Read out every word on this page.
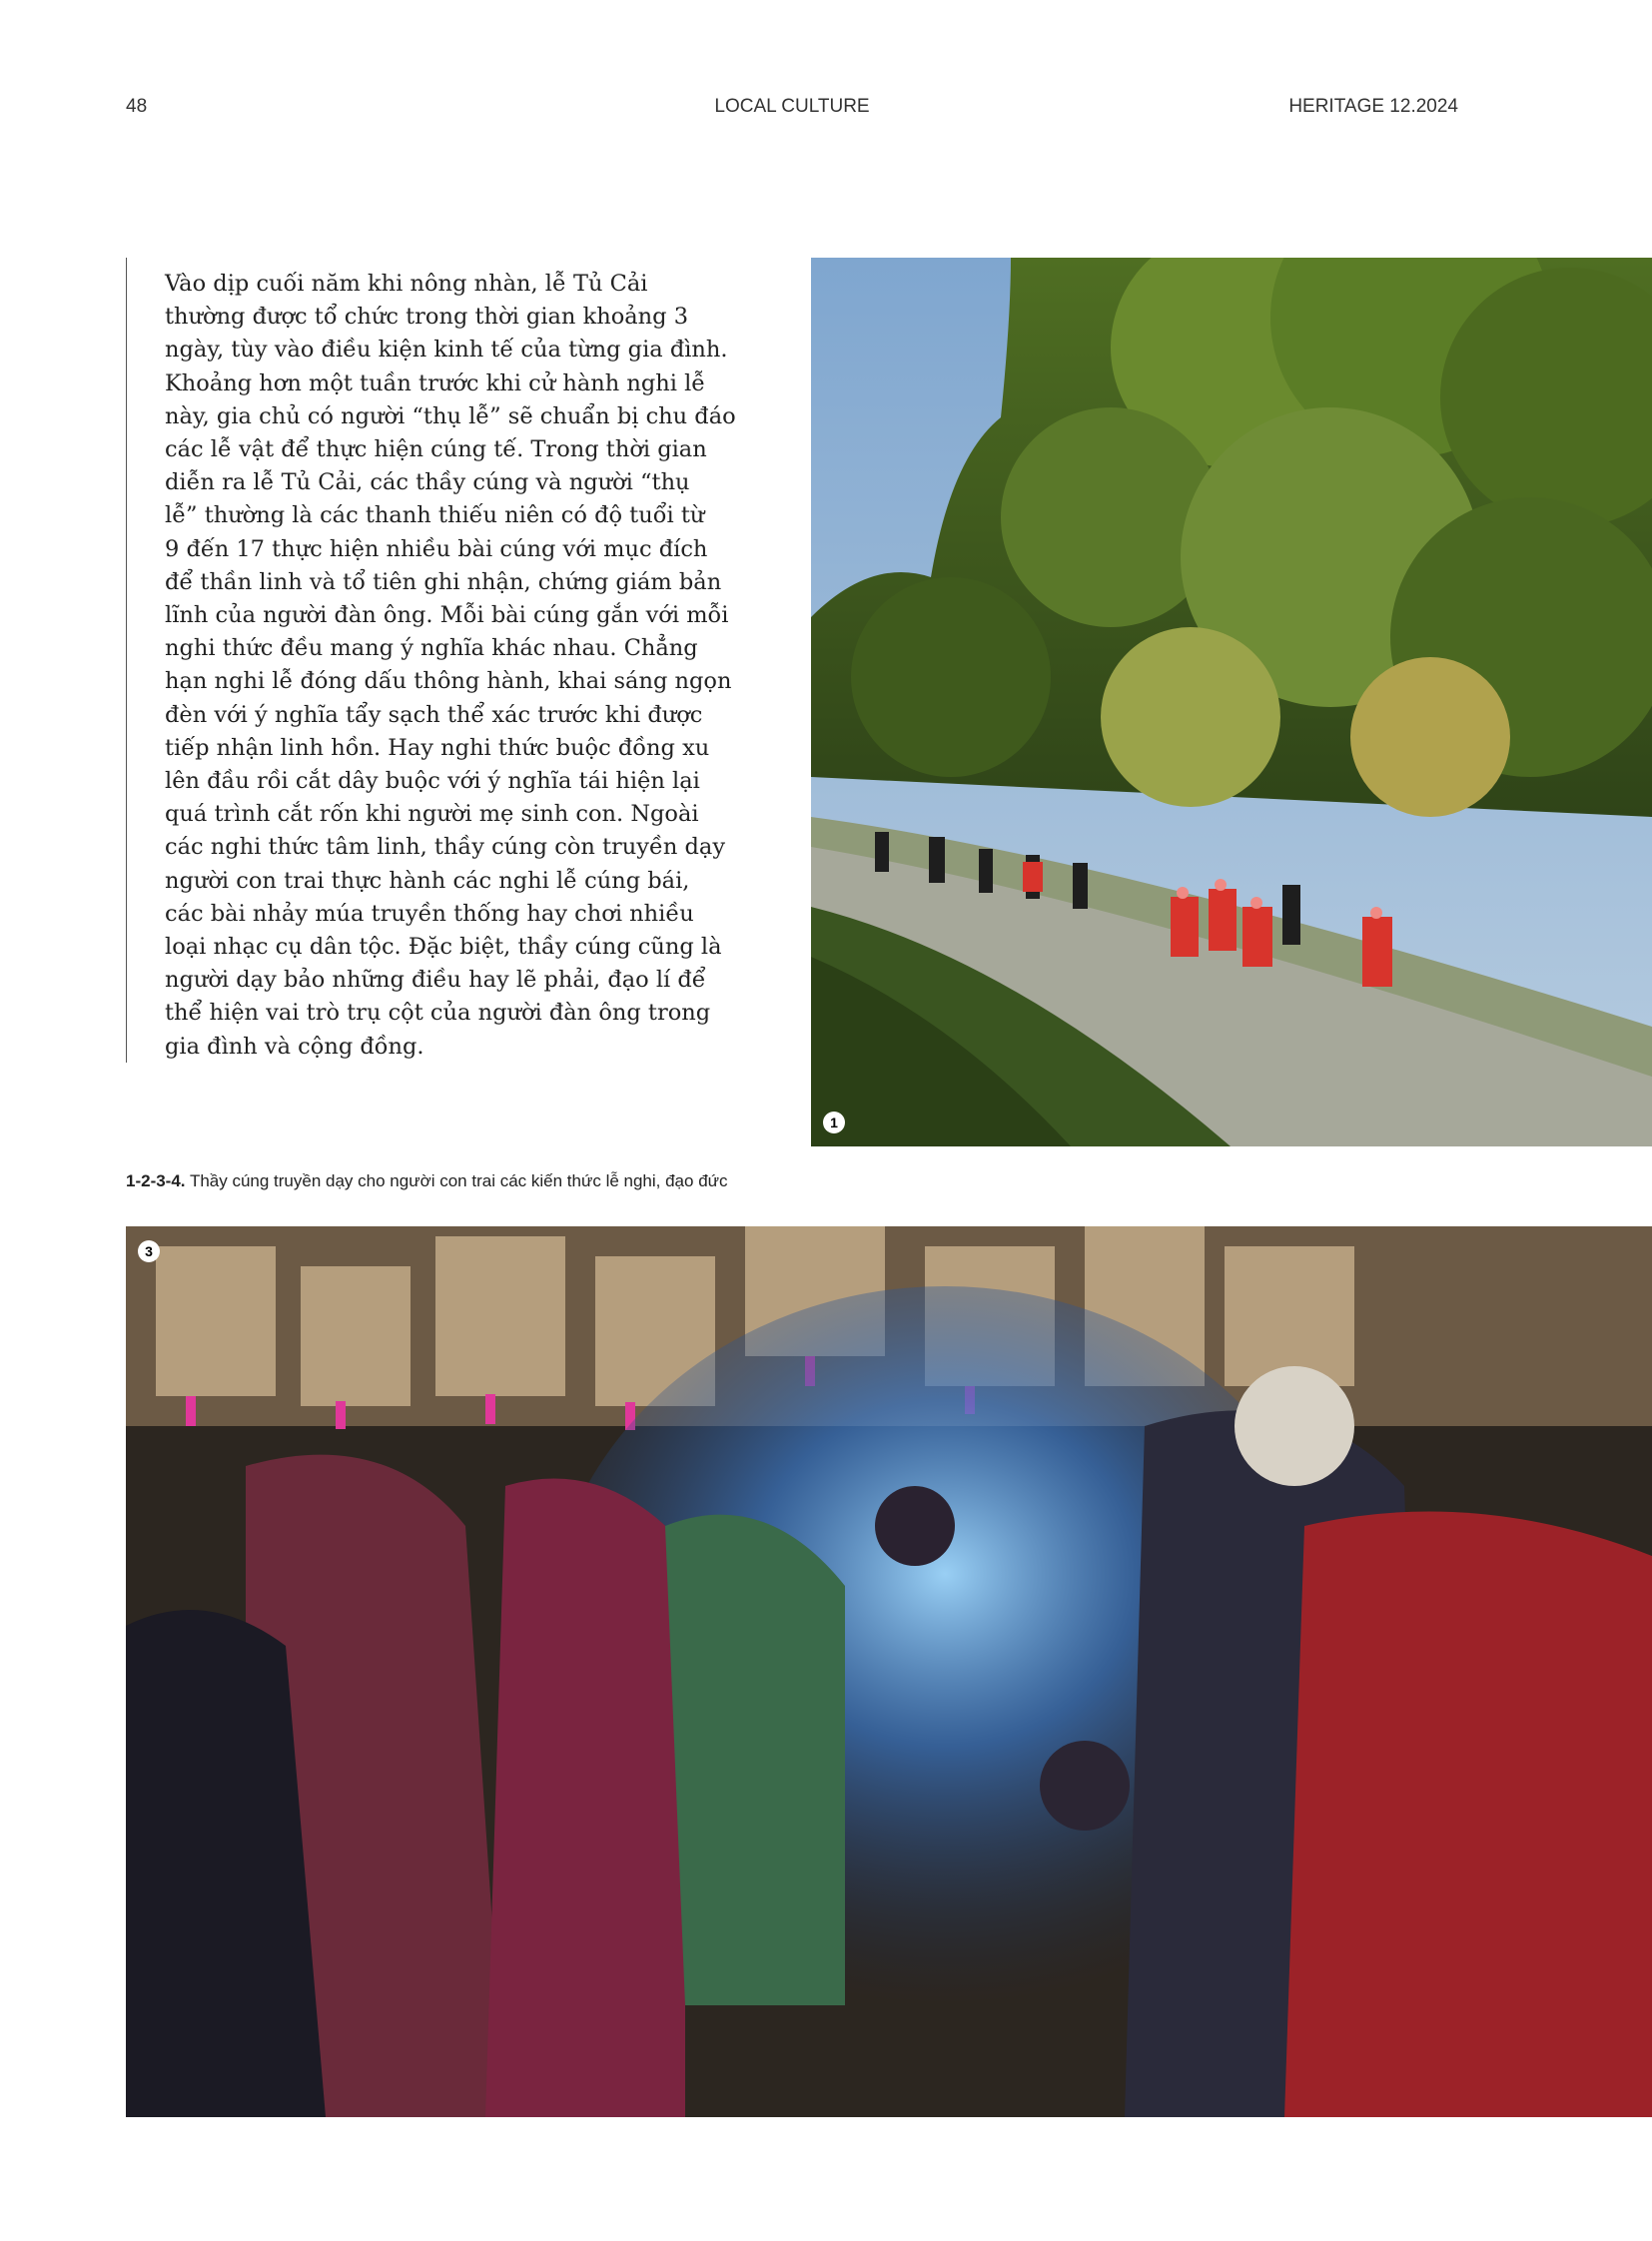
48	LOCAL CULTURE	HERITAGE 12.2024
Vào dịp cuối năm khi nông nhàn, lễ Tủ Cải
thường được tổ chức trong thời gian khoảng 3
ngày, tùy vào điều kiện kinh tế của từng gia đình.
Khoảng hơn một tuần trước khi cử hành nghi lễ
này, gia chủ có người “thụ lễ” sẽ chuẩn bị chu đáo
các lễ vật để thực hiện cúng tế. Trong thời gian
diễn ra lễ Tủ Cải, các thầy cúng và người “thụ
lễ” thường là các thanh thiếu niên có độ tuổi từ
9 đến 17 thực hiện nhiều bài cúng với mục đích
để thần linh và tổ tiên ghi nhận, chứng giám bản
lĩnh của người đàn ông. Mỗi bài cúng gắn với mỗi
nghi thức đều mang ý nghĩa khác nhau. Chẳng
hạn nghi lễ đóng dấu thông hành, khai sáng ngọn
đèn với ý nghĩa tẩy sạch thể xác trước khi được
tiếp nhận linh hồn. Hay nghi thức buộc đồng xu
lên đầu rồi cắt dây buộc với ý nghĩa tái hiện lại
quá trình cắt rốn khi người mẹ sinh con. Ngoài
các nghi thức tâm linh, thầy cúng còn truyền dạy
người con trai thực hành các nghi lễ cúng bái,
các bài nhảy múa truyền thống hay chơi nhiều
loại nhạc cụ dân tộc. Đặc biệt, thầy cúng cũng là
người dạy bảo những điều hay lẽ phải, đạo lí để
thể hiện vai trò trụ cột của người đàn ông trong
gia đình và cộng đồng.
1
1-2-3-4. Thầy cúng truyền dạy cho người con trai các kiến thức lễ nghi, đạo đức
3
